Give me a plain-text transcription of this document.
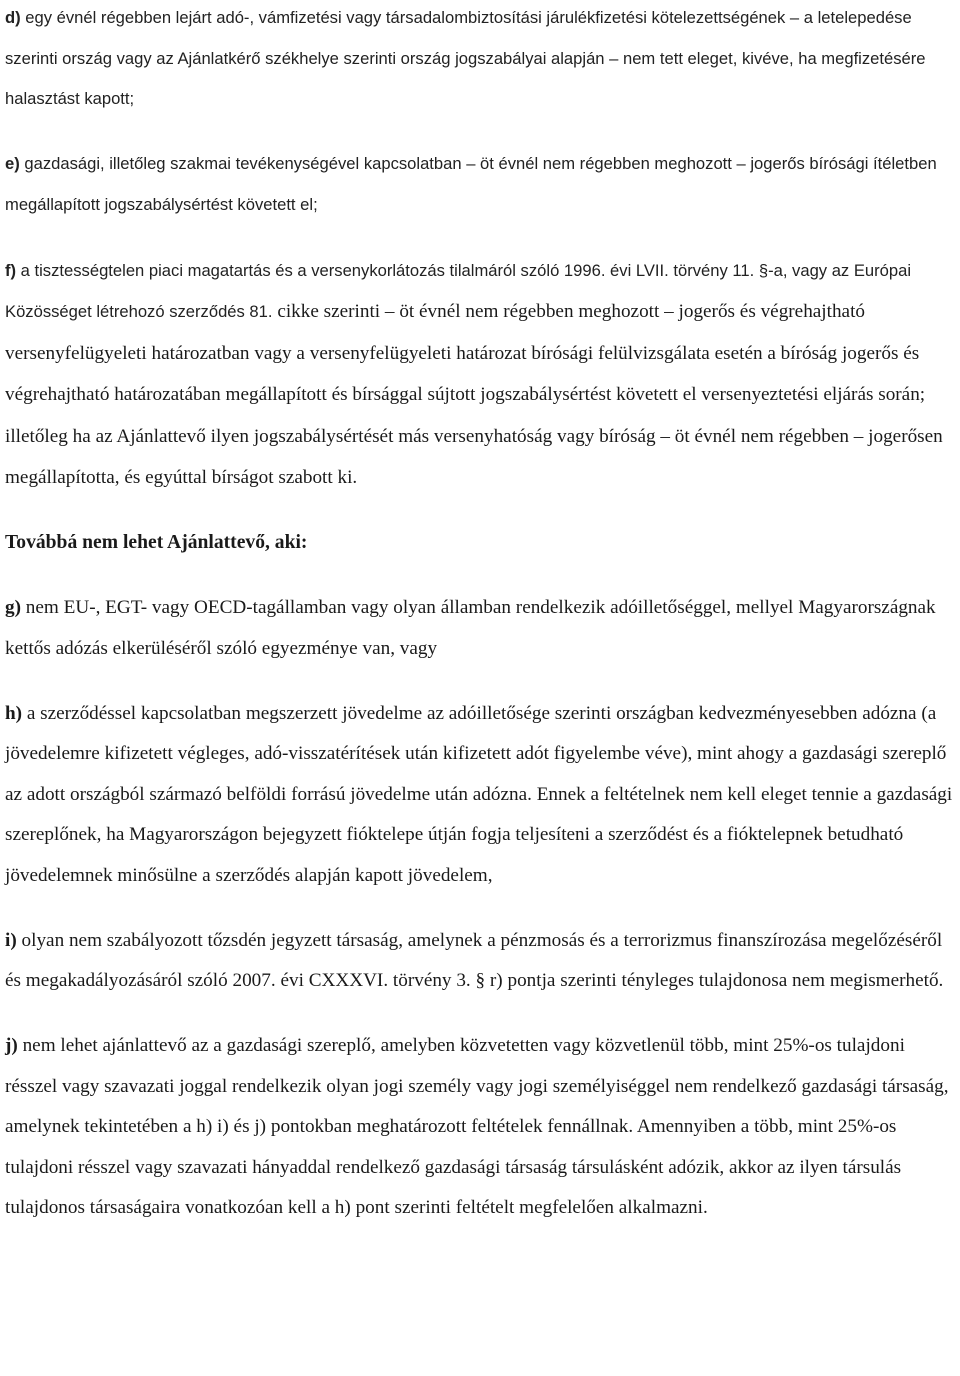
d) egy évnél régebben lejárt adó-, vámfizetési vagy társadalombiztosítási járulékfizetési kötelezettségének – a letelepedése szerinti ország vagy az Ajánlatkérő székhelye szerinti ország jogszabályai alapján – nem tett eleget, kivéve, ha megfizetésére halasztást kapott;

e) gazdasági, illetőleg szakmai tevékenységével kapcsolatban – öt évnél nem régebben meghozott – jogerős bírósági ítéletben megállapított jogszabálysértést követett el;

f) a tisztességtelen piaci magatartás és a versenykorlátozás tilalmáról szóló 1996. évi LVII. törvény 11. §-a, vagy az Európai Közösséget létrehozó szerződés 81. cikke szerinti – öt évnél nem régebben meghozott – jogerős és végrehajtható versenyfelügyeleti határozatban vagy a versenyfelügyeleti határozat bírósági felülvizsgálata esetén a bíróság jogerős és végrehajtható határozatában megállapított és bírsággal sújtott jogszabálysértést követett el versenyeztetési eljárás során; illetőleg ha az Ajánlattevő ilyen jogszabálysértését más versenyhatóság vagy bíróság – öt évnél nem régebben – jogerősen megállapította, és egyúttal bírságot szabott ki.

Továbbá nem lehet Ajánlattevő, aki:

g) nem EU-, EGT- vagy OECD-tagállamban vagy olyan államban rendelkezik adóilletőséggel, mellyel Magyarországnak kettős adózás elkerüléséről szóló egyezménye van, vagy

h) a szerződéssel kapcsolatban megszerzett jövedelme az adóilletősége szerinti országban kedvezményesebben adózna (a jövedelemre kifizetett végleges, adó-visszatérítések után kifizetett adót figyelembe véve), mint ahogy a gazdasági szereplő az adott országból származó belföldi forrású jövedelme után adózna. Ennek a feltételnek nem kell eleget tennie a gazdasági szereplőnek, ha Magyarországon bejegyzett fióktelepe útján fogja teljesíteni a szerződést és a fióktelepnek betudható jövedelemnek minősülne a szerződés alapján kapott jövedelem,

i) olyan nem szabályozott tőzsdén jegyzett társaság, amelynek a pénzmosás és a terrorizmus finanszírozása megelőzéséről és megakadályozásáról szóló 2007. évi CXXXVI. törvény 3. § r) pontja szerinti tényleges tulajdonosa nem megismerhető.

j) nem lehet ajánlattevő az a gazdasági szereplő, amelyben közvetetten vagy közvetlenül több, mint 25%-os tulajdoni résszel vagy szavazati joggal rendelkezik olyan jogi személy vagy jogi személyiséggel nem rendelkező gazdasági társaság, amelynek tekintetében a h) i) és j) pontokban meghatározott feltételek fennállnak. Amennyiben a több, mint 25%-os tulajdoni résszel vagy szavazati hányaddal rendelkező gazdasági társaság társulásként adózik, akkor az ilyen társulás tulajdonos társaságaira vonatkozóan kell a h) pont szerinti feltételt megfelelően alkalmazni.
